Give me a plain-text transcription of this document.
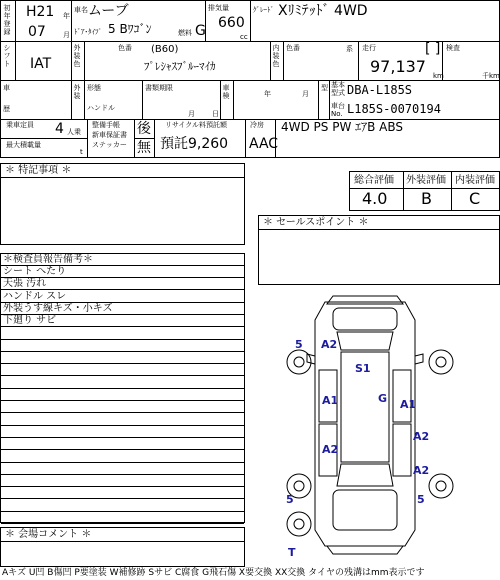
初年登録
H21 年
07 月
車名 ムーブ
ﾄﾞｱ･ﾀｲﾌﾟ 5 Bﾜｺﾞﾝ	燃料 G
排気量
660
cc
ｸﾞﾚｰﾄﾞ Xﾘﾐﾃｯﾄﾞ 4WD
シフト IAT
外装色
色番 (B60)
ﾌﾟﾚｼｬｽﾌﾞﾙｰﾏｲｶ
内装色
色番	系 走行	[ ]
97,137 km
検査
千km
車
歴
外装
形態
ハンドル
書類期限
月 日
車検	年	月
型 基本型式 DBA-L185S
車台No. L185S-0070194
乗車定員 4 人乗
最大積載量
t
整備手帳
新車保証書
ステッカー
後
無
リサイクル料預託額
預託9,260
冷房
AAC
4WD PS PW ｴｱB ABS
＊ 特記事項 ＊
総合評価 外装評価 内装評価
4.0 B C
＊ セールスポイント ＊
＊検査員報告備考＊
シート へたり
天張 汚れ
ハンドル スレ
外装うす線キズ・小キズ
下廻り サビ
＊ 会場コメント ＊
5 A2
S1
A1	G A1
A2
A2
A2
5	5
T
Aキズ U凹 B傷凹 P要塗装 W補修跡 Sサビ C腐食 G飛石傷 X要交換 XX交換 タイヤの残溝はmm表示です
